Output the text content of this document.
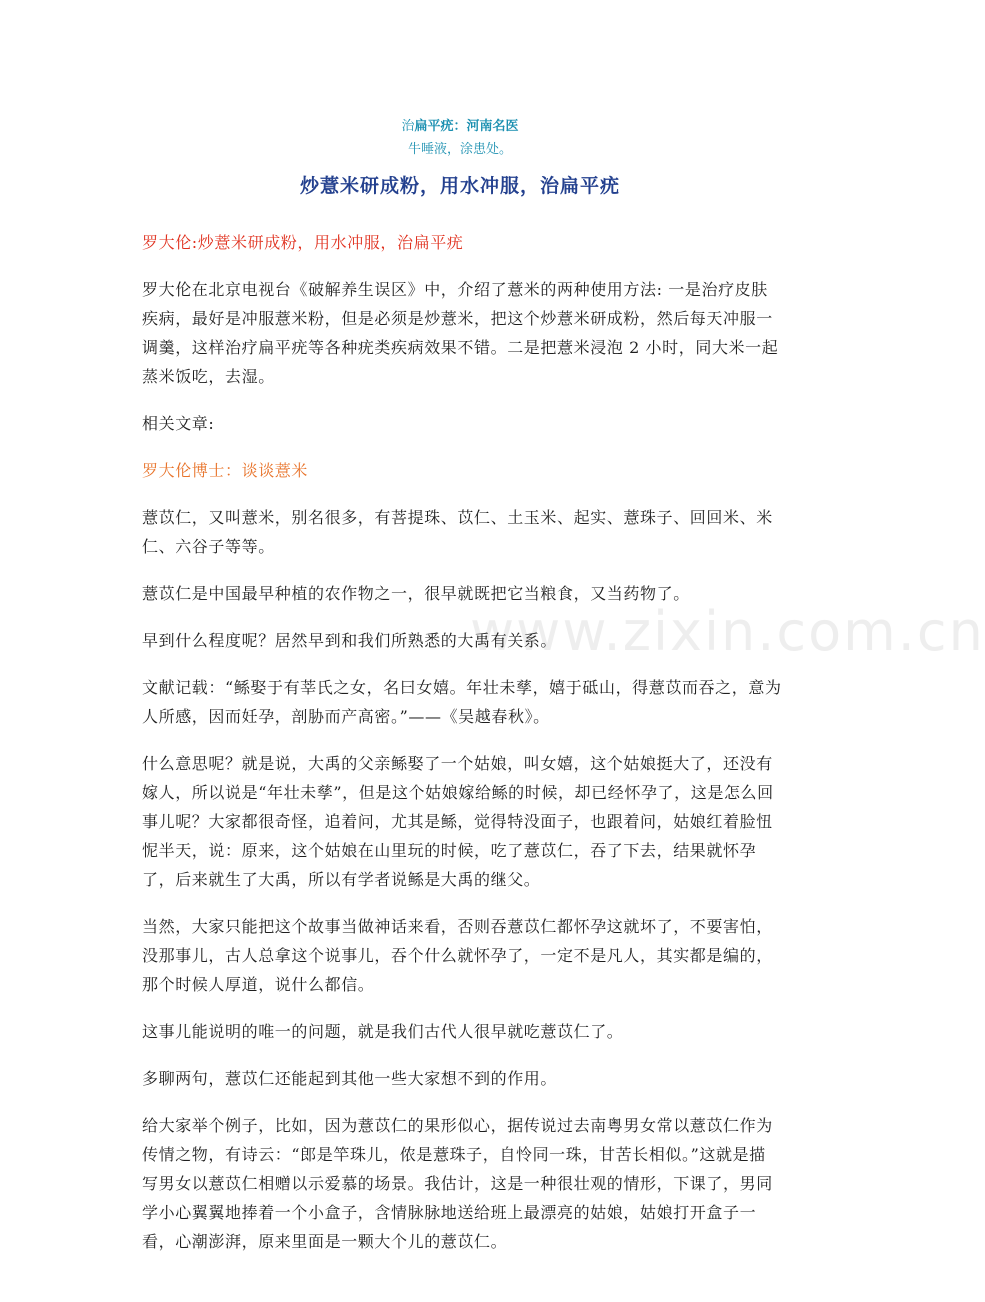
治扁平疣：河南名医
牛唾液，涂患处。
炒薏米研成粉，用水冲服，治扁平疣
www.zixin.com.cn

罗大伦:炒薏米研成粉，用水冲服，治扁平疣

罗大伦在北京电视台《破解养生误区》中，介绍了薏米的两种使用方法: 一是治疗皮肤疾病，最好是冲服薏米粉，但是必须是炒薏米，把这个炒薏米研成粉，然后每天冲服一调羹，这样治疗扁平疣等各种疣类疾病效果不错。二是把薏米浸泡 2 小时，同大米一起蒸米饭吃，去湿。

相关文章:

罗大伦博士：谈谈薏米

薏苡仁，又叫薏米，别名很多，有菩提珠、苡仁、土玉米、起实、薏珠子、回回米、米仁、六谷子等等。

薏苡仁是中国最早种植的农作物之一，很早就既把它当粮食，又当药物了。

早到什么程度呢？居然早到和我们所熟悉的大禹有关系。

文献记载：“鲧娶于有莘氏之女，名曰女嬉。年壮未孳，嬉于砥山，得薏苡而吞之，意为人所感，因而妊孕，剖胁而产高密。”——《吴越春秋》。

什么意思呢？就是说，大禹的父亲鲧娶了一个姑娘，叫女嬉，这个姑娘挺大了，还没有嫁人，所以说是“年壮未孳”，但是这个姑娘嫁给鲧的时候，却已经怀孕了，这是怎么回事儿呢？大家都很奇怪，追着问，尤其是鲧，觉得特没面子，也跟着问，姑娘红着脸忸怩半天，说：原来，这个姑娘在山里玩的时候，吃了薏苡仁，吞了下去，结果就怀孕了，后来就生了大禹，所以有学者说鲧是大禹的继父。

当然，大家只能把这个故事当做神话来看，否则吞薏苡仁都怀孕这就坏了，不要害怕，没那事儿，古人总拿这个说事儿，吞个什么就怀孕了，一定不是凡人，其实都是编的，那个时候人厚道，说什么都信。

这事儿能说明的唯一的问题，就是我们古代人很早就吃薏苡仁了。

多聊两句，薏苡仁还能起到其他一些大家想不到的作用。

给大家举个例子，比如，因为薏苡仁的果形似心，据传说过去南粤男女常以薏苡仁作为传情之物，有诗云：“郎是竿珠儿，侬是薏珠子，自怜同一珠，甘苦长相似。”这就是描写男女以薏苡仁相赠以示爱慕的场景。我估计，这是一种很壮观的情形，下课了，男同学小心翼翼地捧着一个小盒子，含情脉脉地送给班上最漂亮的姑娘，姑娘打开盒子一看，心潮澎湃，原来里面是一颗大个儿的薏苡仁。
